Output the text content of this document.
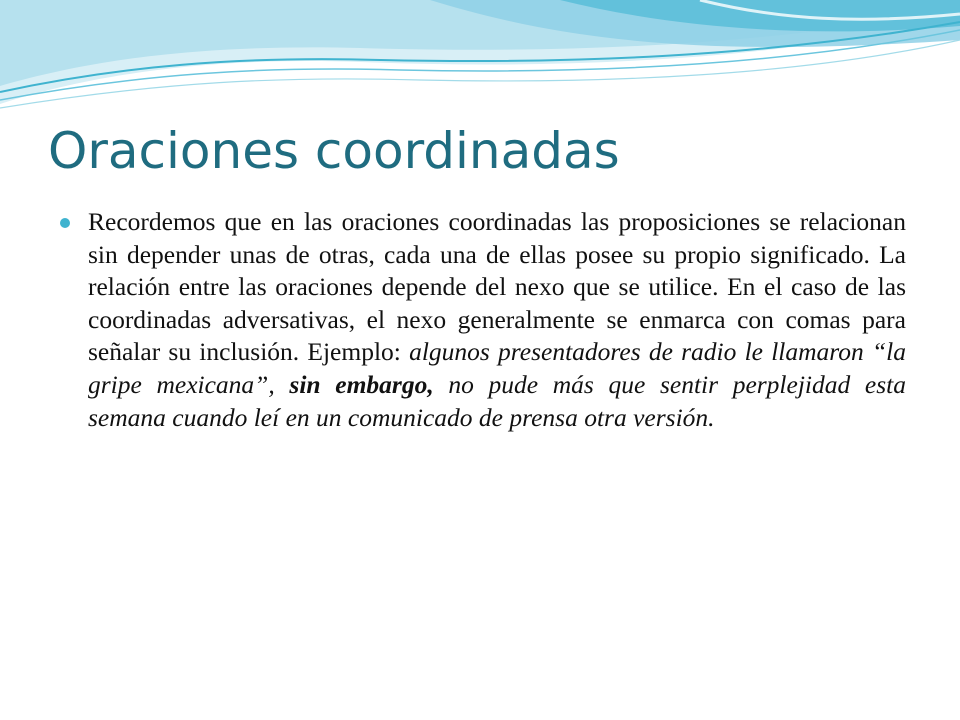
Oraciones coordinadas
Recordemos que en las oraciones coordinadas las proposiciones se relacionan sin depender unas de otras, cada una de ellas posee su propio significado. La relación entre las oraciones depende del nexo que se utilice. En el caso de las coordinadas adversativas, el nexo generalmente se enmarca con comas para señalar su inclusión. Ejemplo: algunos presentadores de radio le llamaron “la gripe mexicana”, sin embargo, no pude más que sentir perplejidad esta semana cuando leí en un comunicado de prensa otra versión.
